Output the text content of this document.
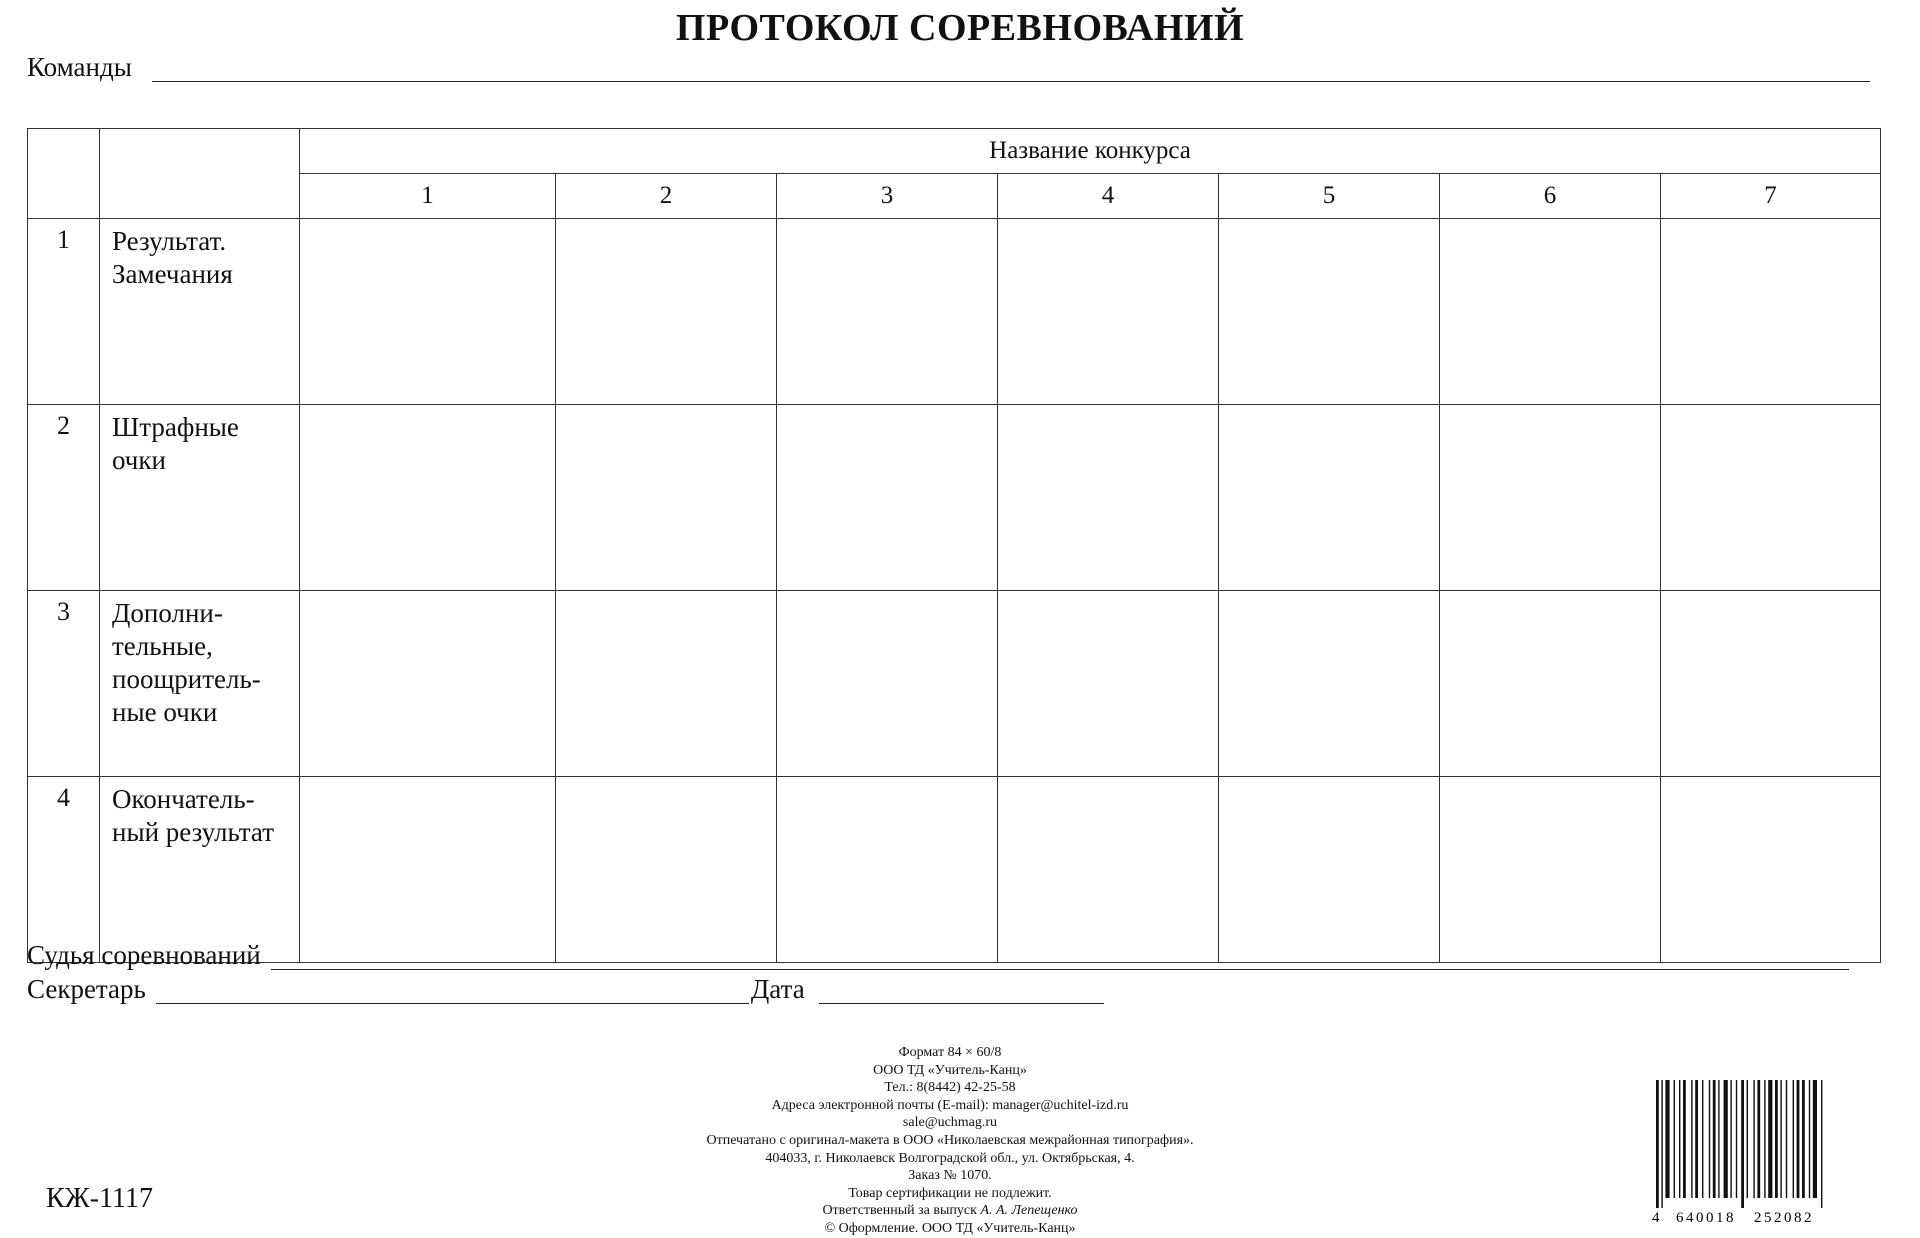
ПРОТОКОЛ СОРЕВНОВАНИЙ
Команды
		Название конкурса						
		1	2	3	4	5	6	7
1	Результат.
Замечания							
2	Штрафные
очки							
3	Дополни-
тельные,
поощритель-
ные очки							
4	Окончатель-
ный результат							
Судья соревнований
Секретарь	Дата
Формат 84 × 60/8
ООО ТД «Учитель-Канц»
Тел.: 8(8442) 42-25-58
Адреса электронной почты (E-mail): manager@uchitel-izd.ru
sale@uchmag.ru
Отпечатано с оригинал-макета в ООО «Николаевская межрайонная типография».
404033, г. Николаевск Волгоградской обл., ул. Октябрьская, 4.
Заказ № 1070.
Товар сертификации не подлежит.
Ответственный за выпуск А. А. Лепещенко
© Оформление. ООО ТД «Учитель-Канц»
КЖ-1117
4 640018 252082
